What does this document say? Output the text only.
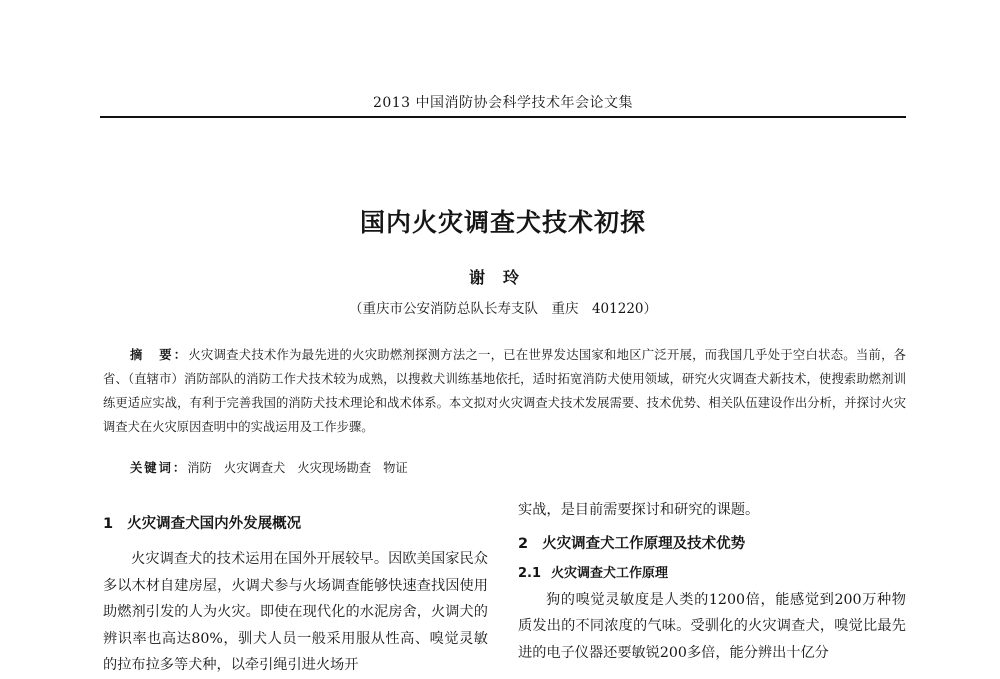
2013 中国消防协会科学技术年会论文集
国内火灾调查犬技术初探
谢玲
（重庆市公安消防总队长寿支队　重庆　401220）
摘　要：火灾调查犬技术作为最先进的火灾助燃剂探测方法之一，已在世界发达国家和地区广泛开展，而我国几乎处于空白状态。当前，各省、（直辖市）消防部队的消防工作犬技术较为成熟，以搜救犬训练基地依托，适时拓宽消防犬使用领域，研究火灾调查犬新技术，使搜索助燃剂训练更适应实战，有利于完善我国的消防犬技术理论和战术体系。本文拟对火灾调查犬技术发展需要、技术优势、相关队伍建设作出分析，并探讨火灾调查犬在火灾原因查明中的实战运用及工作步骤。
关键词：消防 火灾调查犬 火灾现场勘查 物证
1 火灾调查犬国内外发展概况

火灾调查犬的技术运用在国外开展较早。因欧美国家民众多以木材自建房屋，火调犬参与火场调查能够快速查找因使用助燃剂引发的人为火灾。即使在现代化的水泥房舍，火调犬的辨识率也高达80%，驯犬人员一般采用服从性高、嗅觉灵敏的拉布拉多等犬种，以牵引绳引进火场开

实战，是目前需要探讨和研究的课题。

2 火灾调查犬工作原理及技术优势
2.1 火灾调查犬工作原理

狗的嗅觉灵敏度是人类的1200倍，能感觉到200万种物质发出的不同浓度的气味。受驯化的火灾调查犬，嗅觉比最先进的电子仪器还要敏锐200多倍，能分辨出十亿分
